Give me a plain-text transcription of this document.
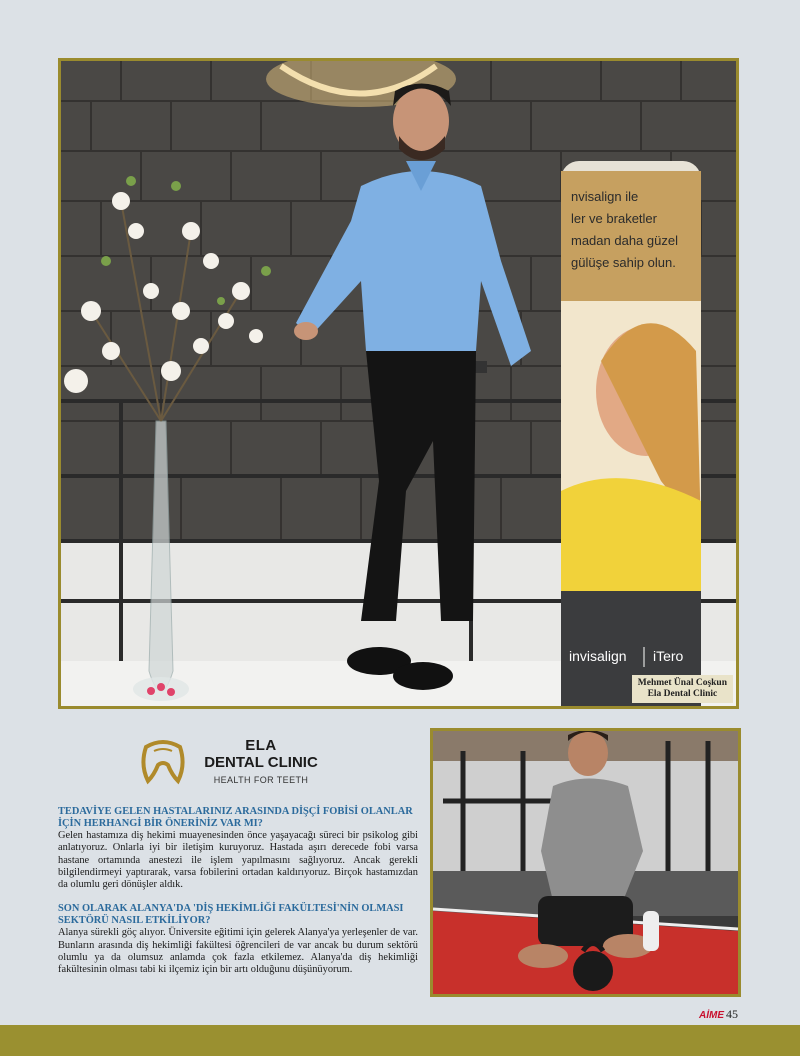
nvisalign ile
ler ve braketler
madan daha güzel
gülüşe sahip olun.
invisalign iTero
Mehmet Ünal Coşkun
Ela Dental Clinic
ELA
DENTAL CLINIC
HEALTH FOR TEETH
TEDAVİYE GELEN HASTALARINIZ ARASINDA DİŞÇİ FOBİSİ OLANLAR İÇİN HERHANGİ BİR ÖNERİNİZ VAR MI?

Gelen hastamıza diş hekimi muayenesinden önce yaşayacağı süreci bir psikolog gibi anlatıyoruz. Onlarla iyi bir iletişim kuruyoruz. Hastada aşırı derecede fobi varsa hastane ortamında anestezi ile işlem yapılmasını sağlıyoruz. Ancak gerekli bilgilendirmeyi yaptırarak, varsa fobilerini ortadan kaldırıyoruz. Birçok hastamızdan da olumlu geri dönüşler aldık.

SON OLARAK ALANYA'DA 'DİŞ HEKİMLİĞİ FAKÜLTESİ'NİN OLMASI SEKTÖRÜ NASIL ETKİLİYOR?

Alanya sürekli göç alıyor. Üniversite eğitimi için gelerek Alanya'ya yerleşenler de var. Bunların arasında diş hekimliği fakültesi öğrencileri de var ancak bu durum sektörü olumlu ya da olumsuz anlamda çok fazla etkilemez. Alanya'da diş hekimliği fakültesinin olması tabi ki ilçemiz için bir artı olduğunu düşünüyorum.

AİME 45
